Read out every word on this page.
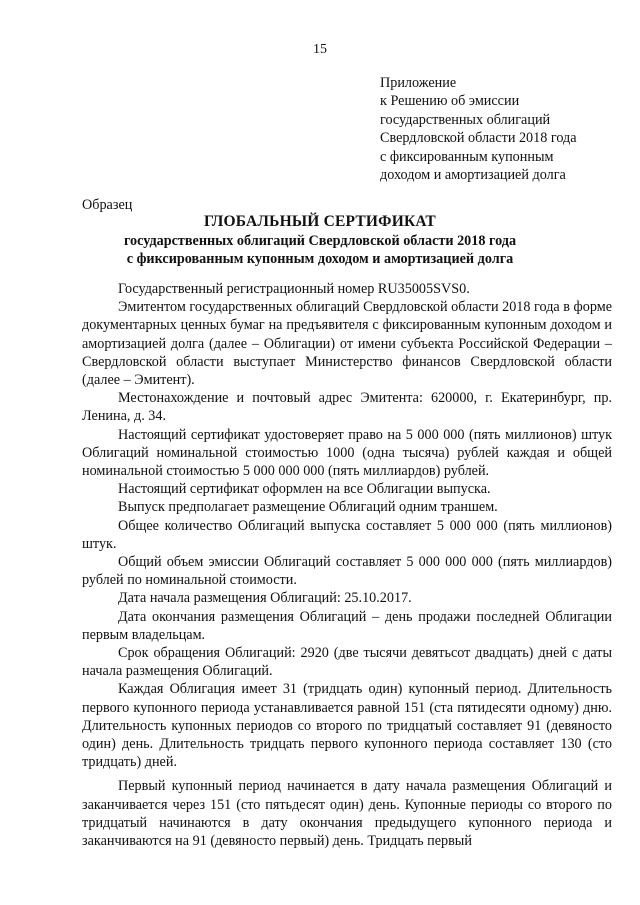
15
Приложение
к Решению об эмиссии
государственных облигаций
Свердловской области 2018 года
с фиксированным купонным
доходом и амортизацией долга
Образец
ГЛОБАЛЬНЫЙ СЕРТИФИКАТ
государственных облигаций Свердловской области 2018 года
с фиксированным купонным доходом и амортизацией долга

Государственный регистрационный номер RU35005SVS0.

Эмитентом государственных облигаций Свердловской области 2018 года в форме документарных ценных бумаг на предъявителя с фиксированным купонным доходом и амортизацией долга (далее – Облигации) от имени субъекта Российской Федерации – Свердловской области выступает Министерство финансов Свердловской области (далее – Эмитент).

Местонахождение и почтовый адрес Эмитента: 620000, г. Екатеринбург, пр. Ленина, д. 34.

Настоящий сертификат удостоверяет право на 5 000 000 (пять миллионов) штук Облигаций номинальной стоимостью 1000 (одна тысяча) рублей каждая и общей номинальной стоимостью 5 000 000 000 (пять миллиардов) рублей.

Настоящий сертификат оформлен на все Облигации выпуска.

Выпуск предполагает размещение Облигаций одним траншем.

Общее количество Облигаций выпуска составляет 5 000 000 (пять миллионов) штук.

Общий объем эмиссии Облигаций составляет 5 000 000 000 (пять миллиардов) рублей по номинальной стоимости.

Дата начала размещения Облигаций: 25.10.2017.

Дата окончания размещения Облигаций – день продажи последней Облигации первым владельцам.

Срок обращения Облигаций: 2920 (две тысячи девятьсот двадцать) дней с даты начала размещения Облигаций.

Каждая Облигация имеет 31 (тридцать один) купонный период. Длительность первого купонного периода устанавливается равной 151 (ста пятидесяти одному) дню. Длительность купонных периодов со второго по тридцатый составляет 91 (девяносто один) день. Длительность тридцать первого купонного периода составляет 130 (сто тридцать) дней.

Первый купонный период начинается в дату начала размещения Облигаций и заканчивается через 151 (сто пятьдесят один) день. Купонные периоды со второго по тридцатый начинаются в дату окончания предыдущего купонного периода и заканчиваются на 91 (девяносто первый) день. Тридцать первый
